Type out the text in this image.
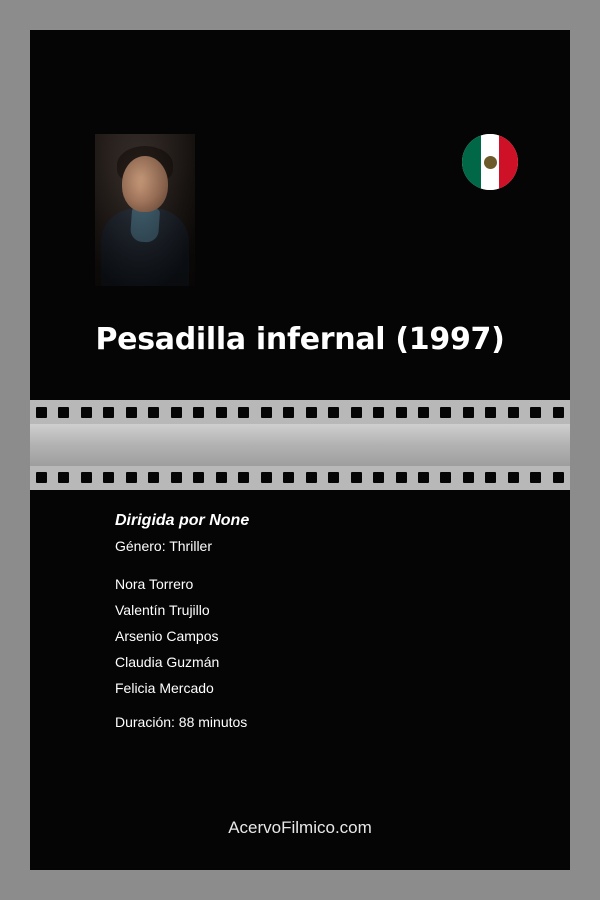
Pesadilla infernal (1997)
Dirigida por None
Género: Thriller
Nora Torrero
Valentín Trujillo
Arsenio Campos
Claudia Guzmán
Felicia Mercado
Duración: 88 minutos
AcervoFilmico.com
